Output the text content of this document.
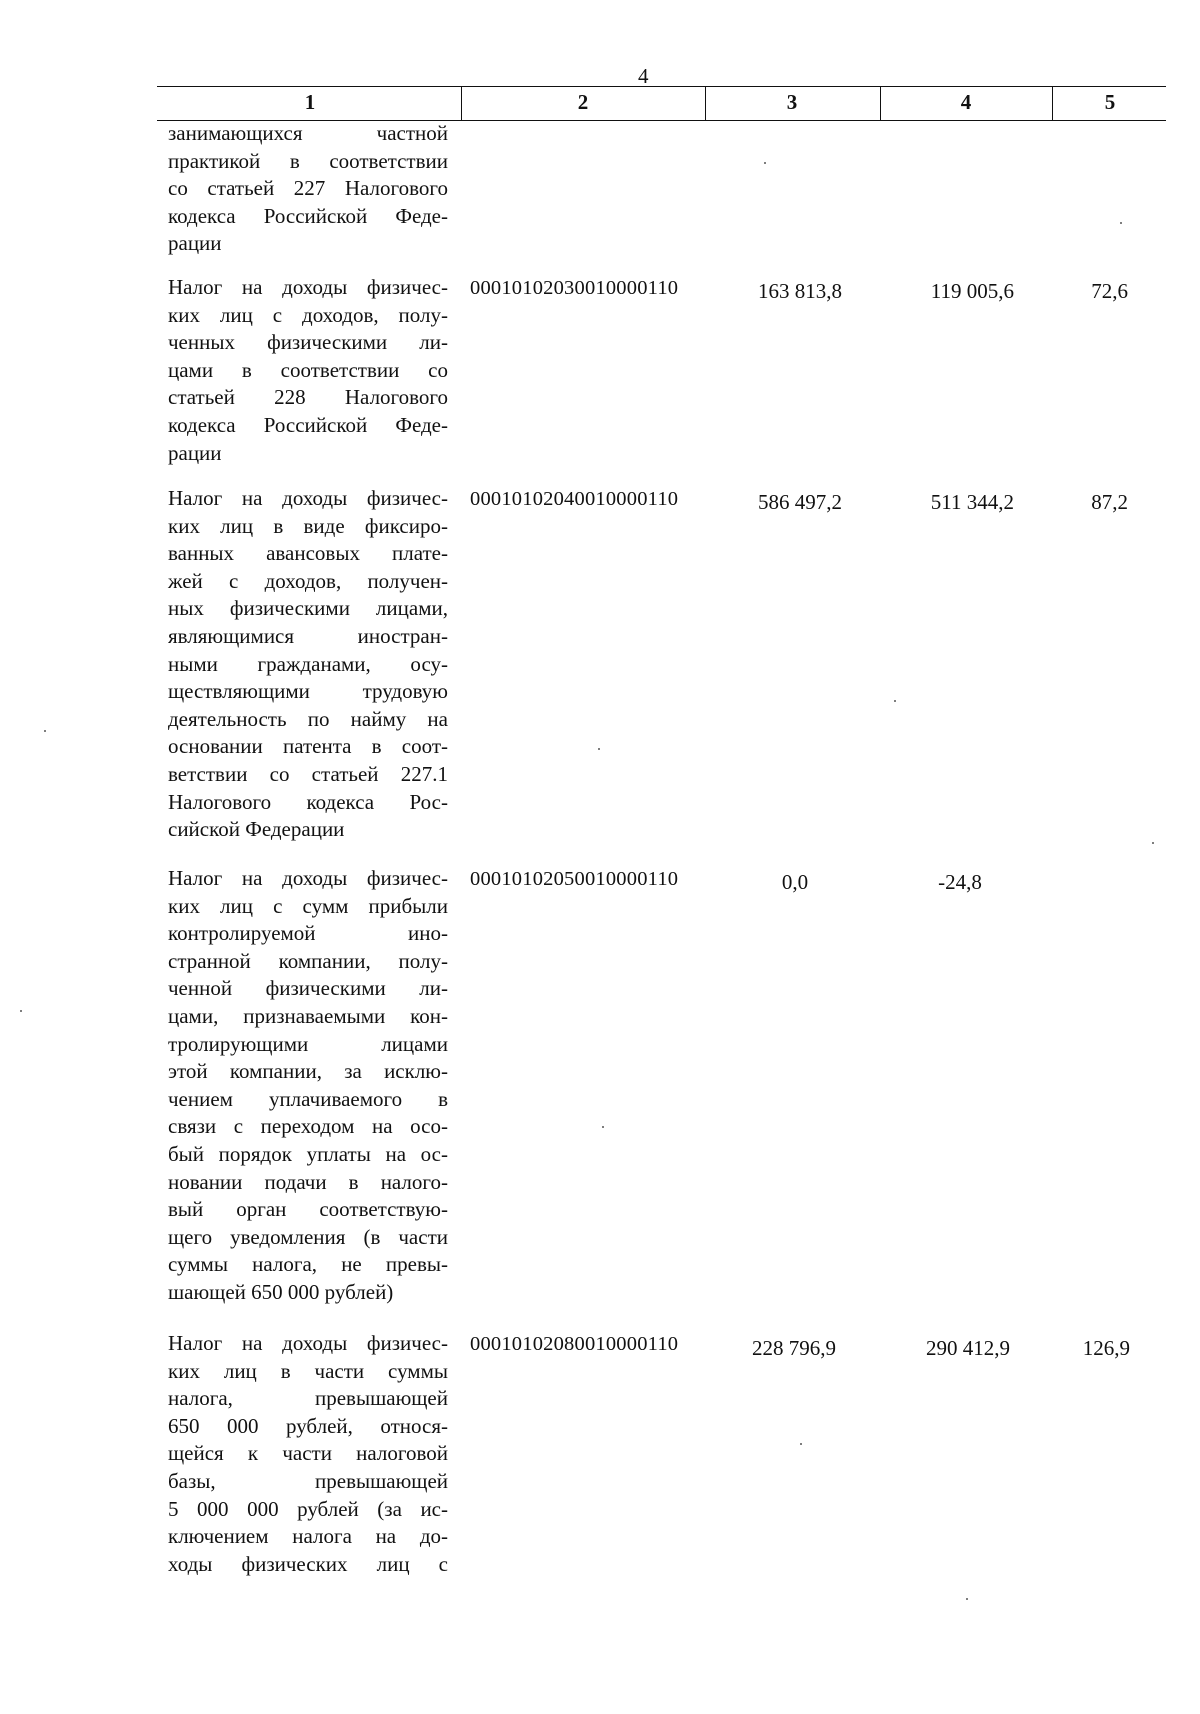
4
1	2	3	4	5
занимающихся частной
практикой в соответствии
со статьей 227 Налогового
кодекса Российской Феде-
рации
Налог на доходы физичес-
ких лиц с доходов, полу-
ченных физическими ли-
цами в соответствии со
статьей 228 Налогового
кодекса Российской Феде-
рации
00010102030010000110	163 813,8	119 005,6	72,6
Налог на доходы физичес-
ких лиц в виде фиксиро-
ванных авансовых плате-
жей с доходов, получен-
ных физическими лицами,
являющимися иностран-
ными гражданами, осу-
ществляющими трудовую
деятельность по найму на
основании патента в соот-
ветствии со статьей 227.1
Налогового кодекса Рос-
сийской Федерации
00010102040010000110	586 497,2	511 344,2	87,2
Налог на доходы физичес-
ких лиц с сумм прибыли
контролируемой ино-
странной компании, полу-
ченной физическими ли-
цами, признаваемыми кон-
тролирующими лицами
этой компании, за исклю-
чением уплачиваемого в
связи с переходом на осо-
бый порядок уплаты на ос-
новании подачи в налого-
вый орган соответствую-
щего уведомления (в части
суммы налога, не превы-
шающей 650 000 рублей)
00010102050010000110	0,0	-24,8
Налог на доходы физичес-
ких лиц в части суммы
налога, превышающей
650 000 рублей, относя-
щейся к части налоговой
базы, превышающей
5 000 000 рублей (за ис-
ключением налога на до-
ходы физических лиц с
00010102080010000110	228 796,9	290 412,9	126,9
